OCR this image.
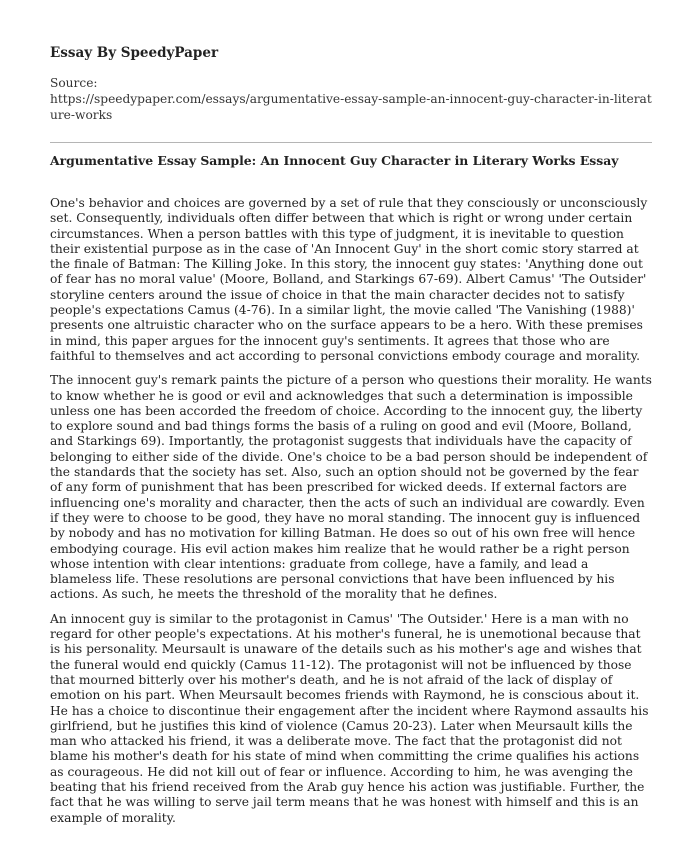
Essay By SpeedyPaper
Source:
https://speedypaper.com/essays/argumentative-essay-sample-an-innocent-guy-character-in-literature-works
Argumentative Essay Sample: An Innocent Guy Character in Literary Works Essay

One's behavior and choices are governed by a set of rule that they consciously or unconsciously set. Consequently, individuals often differ between that which is right or wrong under certain circumstances. When a person battles with this type of judgment, it is inevitable to question their existential purpose as in the case of 'An Innocent Guy' in the short comic story starred at the finale of Batman: The Killing Joke. In this story, the innocent guy states: 'Anything done out of fear has no moral value' (Moore, Bolland, and Starkings 67-69). Albert Camus' 'The Outsider' storyline centers around the issue of choice in that the main character decides not to satisfy people's expectations Camus (4-76). In a similar light, the movie called 'The Vanishing (1988)' presents one altruistic character who on the surface appears to be a hero. With these premises in mind, this paper argues for the innocent guy's sentiments. It agrees that those who are faithful to themselves and act according to personal convictions embody courage and morality.

The innocent guy's remark paints the picture of a person who questions their morality. He wants to know whether he is good or evil and acknowledges that such a determination is impossible unless one has been accorded the freedom of choice. According to the innocent guy, the liberty to explore sound and bad things forms the basis of a ruling on good and evil (Moore, Bolland, and Starkings 69). Importantly, the protagonist suggests that individuals have the capacity of belonging to either side of the divide. One's choice to be a bad person should be independent of the standards that the society has set. Also, such an option should not be governed by the fear of any form of punishment that has been prescribed for wicked deeds. If external factors are influencing one's morality and character, then the acts of such an individual are cowardly. Even if they were to choose to be good, they have no moral standing. The innocent guy is influenced by nobody and has no motivation for killing Batman. He does so out of his own free will hence embodying courage. His evil action makes him realize that he would rather be a right person whose intention with clear intentions: graduate from college, have a family, and lead a blameless life. These resolutions are personal convictions that have been influenced by his actions. As such, he meets the threshold of the morality that he defines.

An innocent guy is similar to the protagonist in Camus' 'The Outsider.' Here is a man with no regard for other people's expectations. At his mother's funeral, he is unemotional because that is his personality. Meursault is unaware of the details such as his mother's age and wishes that the funeral would end quickly (Camus 11-12). The protagonist will not be influenced by those that mourned bitterly over his mother's death, and he is not afraid of the lack of display of emotion on his part. When Meursault becomes friends with Raymond, he is conscious about it. He has a choice to discontinue their engagement after the incident where Raymond assaults his girlfriend, but he justifies this kind of violence (Camus 20-23). Later when Meursault kills the man who attacked his friend, it was a deliberate move. The fact that the protagonist did not blame his mother's death for his state of mind when committing the crime qualifies his actions as courageous. He did not kill out of fear or influence. According to him, he was avenging the beating that his friend received from the Arab guy hence his action was justifiable. Further, the fact that he was willing to serve jail term means that he was honest with himself and this is an example of morality.
